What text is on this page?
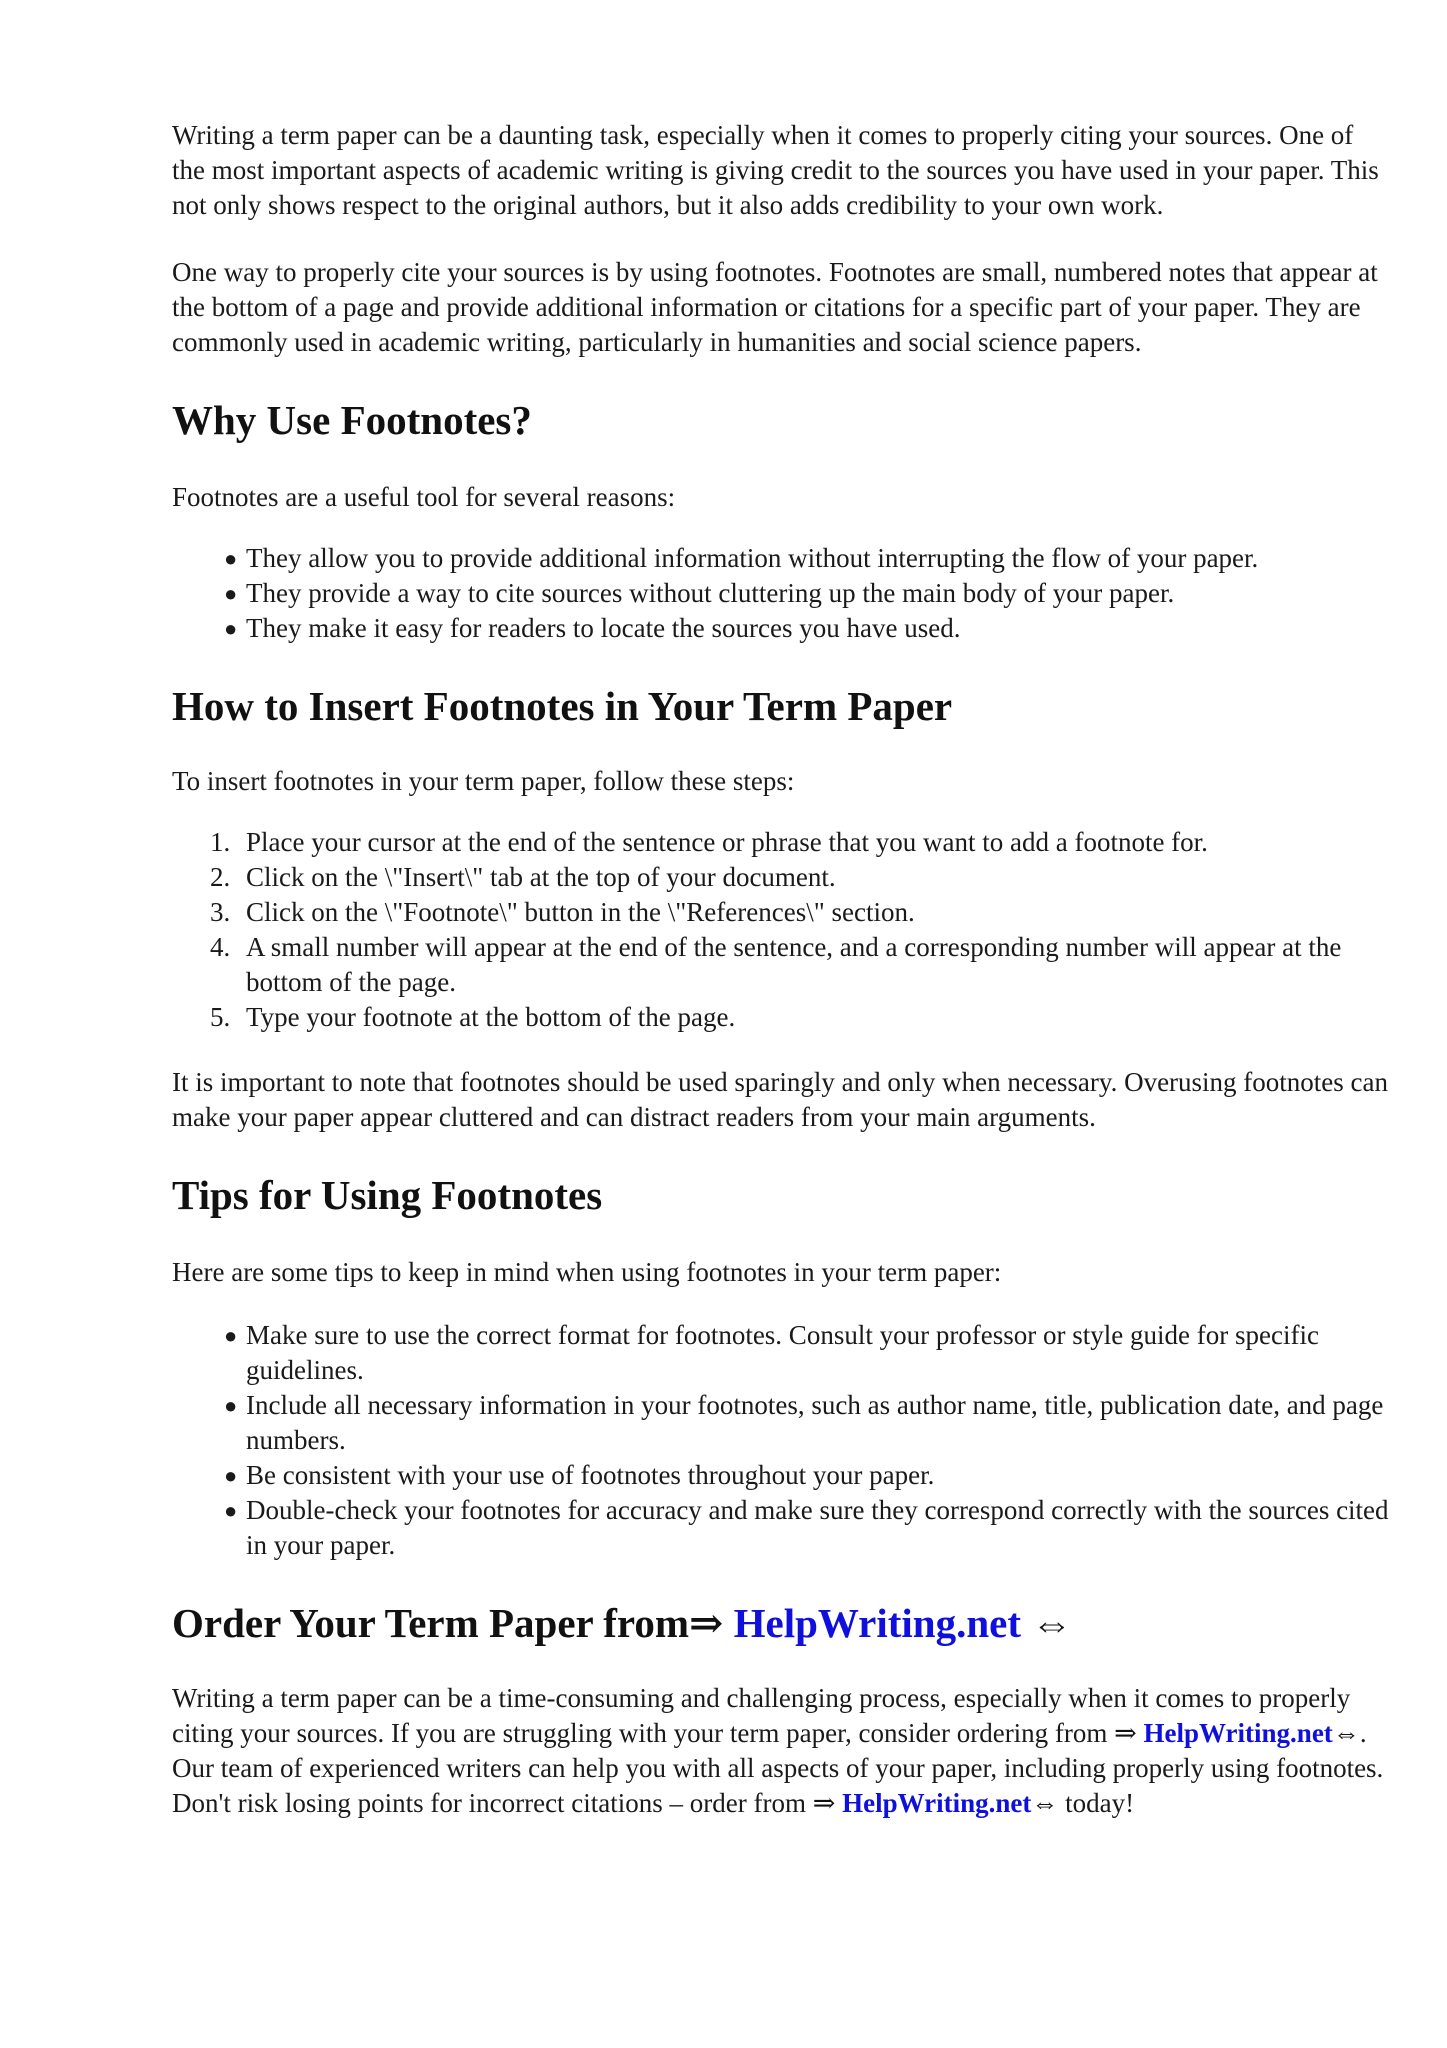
Writing a term paper can be a daunting task, especially when it comes to properly citing your sources. One of the most important aspects of academic writing is giving credit to the sources you have used in your paper. This not only shows respect to the original authors, but it also adds credibility to your own work.

One way to properly cite your sources is by using footnotes. Footnotes are small, numbered notes that appear at the bottom of a page and provide additional information or citations for a specific part of your paper. They are commonly used in academic writing, particularly in humanities and social science papers.

Why Use Footnotes?

Footnotes are a useful tool for several reasons:

● They allow you to provide additional information without interrupting the flow of your paper.
● They provide a way to cite sources without cluttering up the main body of your paper.
● They make it easy for readers to locate the sources you have used.
How to Insert Footnotes in Your Term Paper

To insert footnotes in your term paper, follow these steps:

1. Place your cursor at the end of the sentence or phrase that you want to add a footnote for.
2. Click on the \"Insert\" tab at the top of your document.
3. Click on the \"Footnote\" button in the \"References\" section.
4. A small number will appear at the end of the sentence, and a corresponding number will appear at the bottom of the page.
5. Type your footnote at the bottom of the page.

It is important to note that footnotes should be used sparingly and only when necessary. Overusing footnotes can make your paper appear cluttered and can distract readers from your main arguments.

Tips for Using Footnotes

Here are some tips to keep in mind when using footnotes in your term paper:

● Make sure to use the correct format for footnotes. Consult your professor or style guide for specific guidelines.
● Include all necessary information in your footnotes, such as author name, title, publication date, and page numbers.
● Be consistent with your use of footnotes throughout your paper.
● Double-check your footnotes for accuracy and make sure they correspond correctly with the sources cited in your paper.
Order Your Term Paper from⇒ HelpWriting.net ⇔

Writing a term paper can be a time-consuming and challenging process, especially when it comes to properly citing your sources. If you are struggling with your term paper, consider ordering from ⇒ HelpWriting.net⇔. Our team of experienced writers can help you with all aspects of your paper, including properly using footnotes. Don't risk losing points for incorrect citations – order from ⇒ HelpWriting.net⇔ today!
